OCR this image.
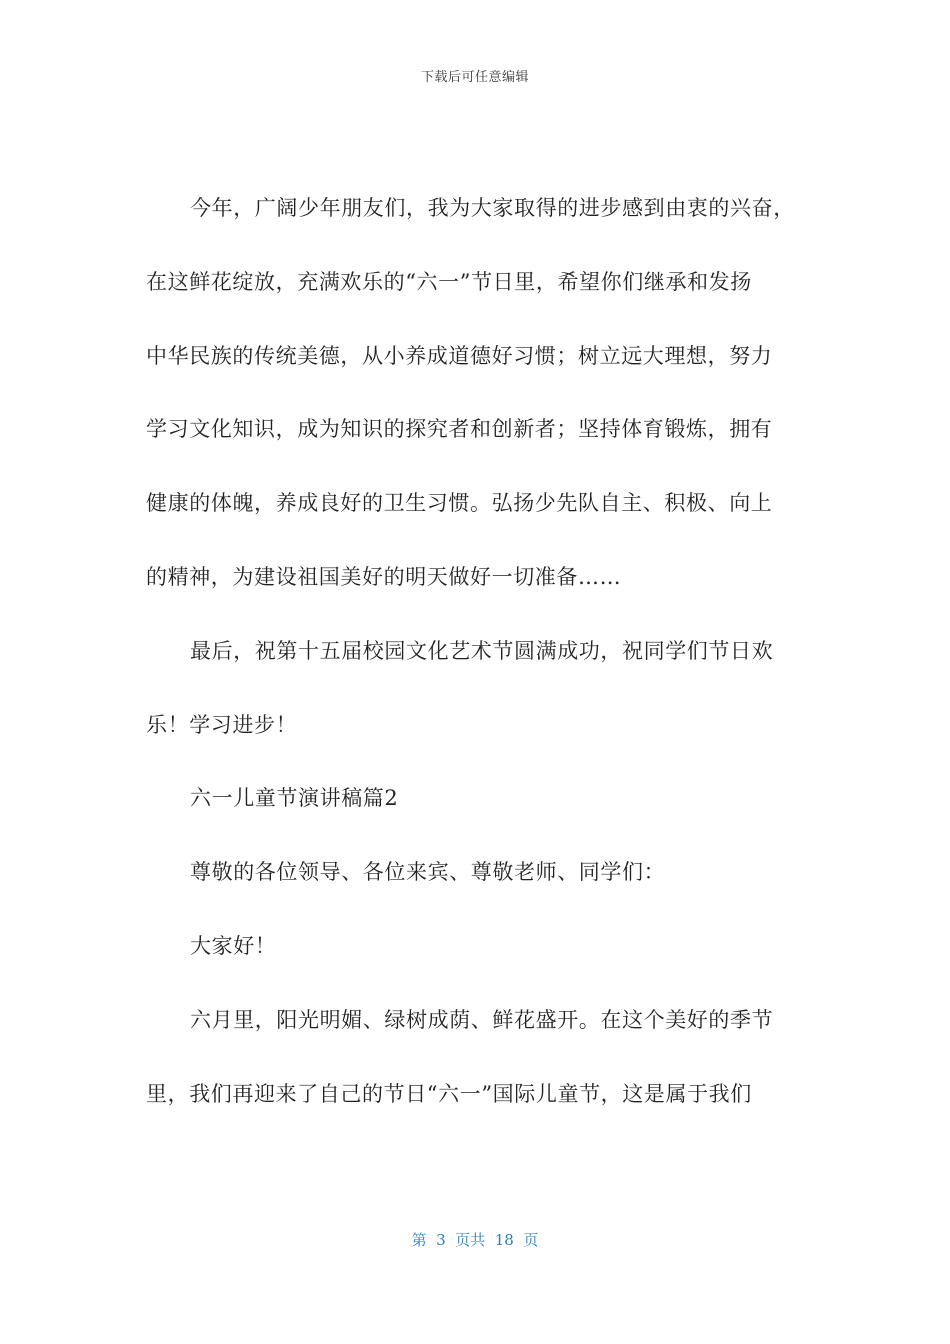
下载后可任意编辑
今年，广阔少年朋友们，我为大家取得的进步感到由衷的兴奋，
在这鲜花绽放，充满欢乐的“六一”节日里，希望你们继承和发扬
中华民族的传统美德，从小养成道德好习惯；树立远大理想，努力
学习文化知识，成为知识的探究者和创新者；坚持体育锻炼，拥有
健康的体魄，养成良好的卫生习惯。弘扬少先队自主、积极、向上
的精神，为建设祖国美好的明天做好一切准备……
最后，祝第十五届校园文化艺术节圆满成功，祝同学们节日欢
乐！学习进步！
六一儿童节演讲稿篇2
尊敬的各位领导、各位来宾、尊敬老师、同学们：
大家好！
六月里，阳光明媚、绿树成荫、鲜花盛开。在这个美好的季节
里，我们再迎来了自己的节日“六一”国际儿童节，这是属于我们
第  3  页共  18  页
